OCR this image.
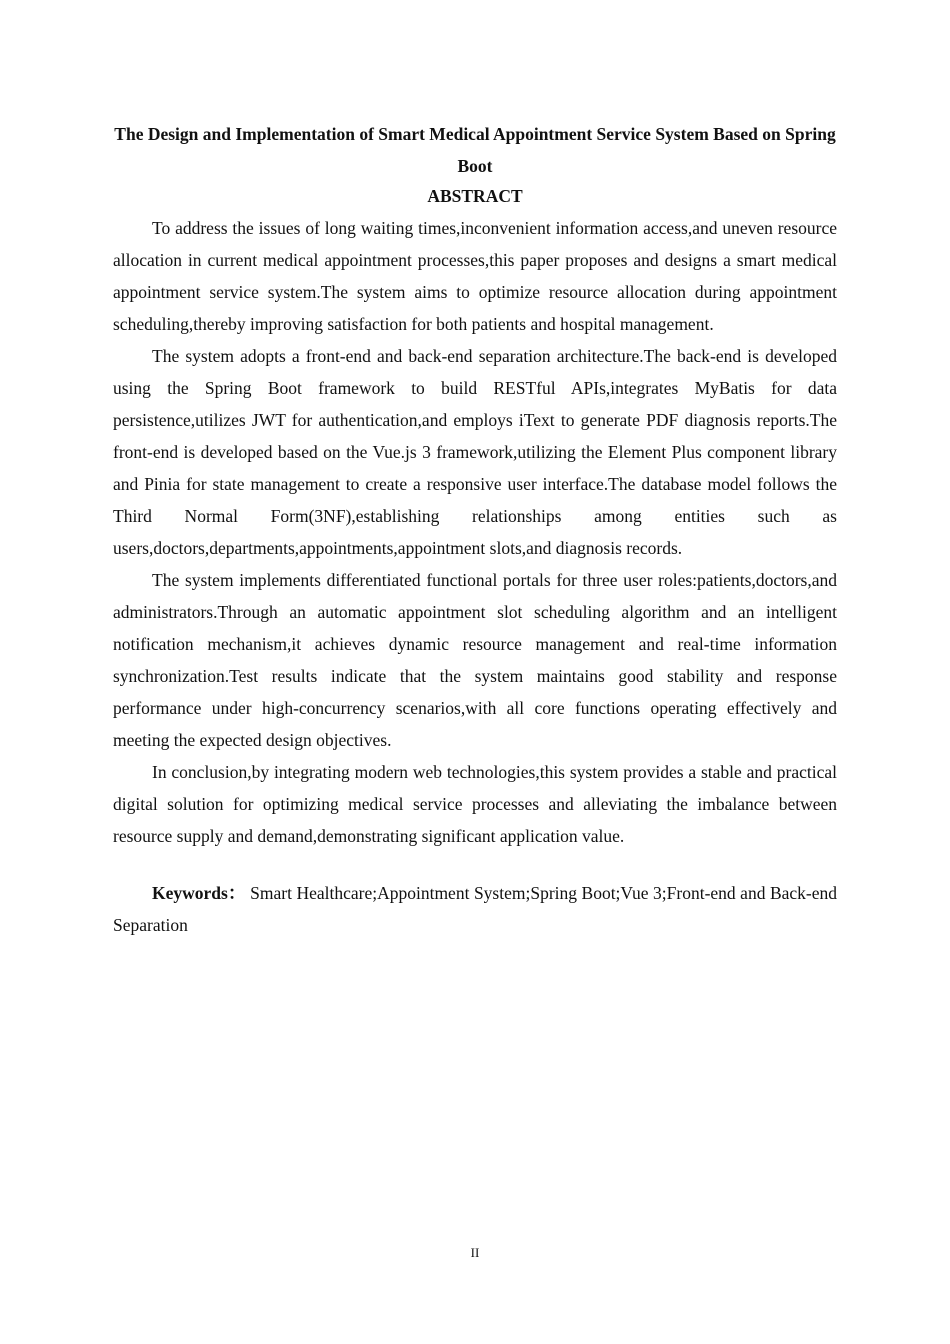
The Design and Implementation of Smart Medical Appointment Service System Based on Spring Boot
ABSTRACT

To address the issues of long waiting times,inconvenient information access,and uneven resource allocation in current medical appointment processes,this paper proposes and designs a smart medical appointment service system.The system aims to optimize resource allocation during appointment scheduling,thereby improving satisfaction for both patients and hospital management.

The system adopts a front-end and back-end separation architecture.The back-end is developed using the Spring Boot framework to build RESTful APIs,integrates MyBatis for data persistence,utilizes JWT for authentication,and employs iText to generate PDF diagnosis reports.The front-end is developed based on the Vue.js 3 framework,utilizing the Element Plus component library and Pinia for state management to create a responsive user interface.The database model follows the Third Normal Form(3NF),establishing relationships among entities such as users,doctors,departments,appointments,appointment slots,and diagnosis records.

The system implements differentiated functional portals for three user roles:patients,doctors,and administrators.Through an automatic appointment slot scheduling algorithm and an intelligent notification mechanism,it achieves dynamic resource management and real-time information synchronization.Test results indicate that the system maintains good stability and response performance under high-concurrency scenarios,with all core functions operating effectively and meeting the expected design objectives.

In conclusion,by integrating modern web technologies,this system provides a stable and practical digital solution for optimizing medical service processes and alleviating the imbalance between resource supply and demand,demonstrating significant application value.

Keywords： Smart Healthcare;Appointment System;Spring Boot;Vue 3;Front-end and Back-end Separation

II
